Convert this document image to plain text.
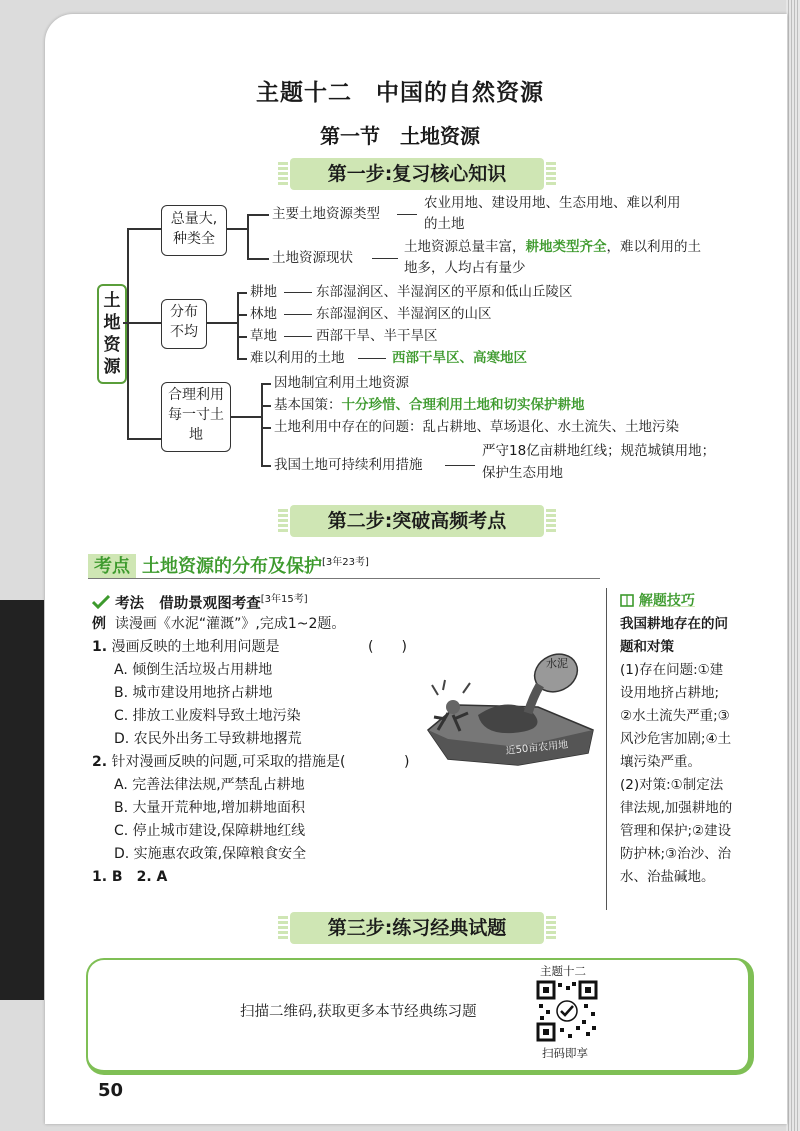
主题十二　中国的自然资源
第一节　土地资源
第一步:复习核心知识
土地资源
总量大,种类全
主要土地资源类型
农业用地、建设用地、生态用地、难以利用
的土地
土地资源现状
土地资源总量丰富，耕地类型齐全，难以利用的土
地多，人均占有量少
分布不均
耕地	东部湿润区、半湿润区的平原和低山丘陵区
林地	东部湿润区、半湿润区的山区
草地	西部干旱、半干旱区
难以利用的土地	西部干旱区、高寒地区
合理利用每一寸土地
因地制宜利用土地资源
基本国策：十分珍惜、合理利用土地和切实保护耕地
土地利用中存在的问题：乱占耕地、草场退化、水土流失、土地污染
我国土地可持续利用措施
严守18亿亩耕地红线；规范城镇用地；
保护生态用地
第二步:突破高频考点
考点 土地资源的分布及保护[3年23考]
考法 借助景观图考查[3年15考]
例 读漫画《水泥“灌溉”》,完成1~2题。
1. 漫画反映的土地利用问题是	(　　)
A. 倾倒生活垃圾占用耕地
B. 城市建设用地挤占耕地
C. 排放工业废料导致土地污染
D. 农民外出务工导致耕地撂荒
2. 针对漫画反映的问题,可采取的措施是(	)
A. 完善法律法规,严禁乱占耕地
B. 大量开荒种地,增加耕地面积
C. 停止城市建设,保障耕地红线
D. 实施惠农政策,保障粮食安全
1. B　2. A
水泥
近50亩农用地
解题技巧
我国耕地存在的问
题和对策
(1)存在问题:①建
设用地挤占耕地;
②水土流失严重;③
风沙危害加剧;④土
壤污染严重。
(2)对策:①制定法
律法规,加强耕地的
管理和保护;②建设
防护林;③治沙、治
水、治盐碱地。
第三步:练习经典试题
扫描二维码,获取更多本节经典练习题
主题十二
扫码即享
50
